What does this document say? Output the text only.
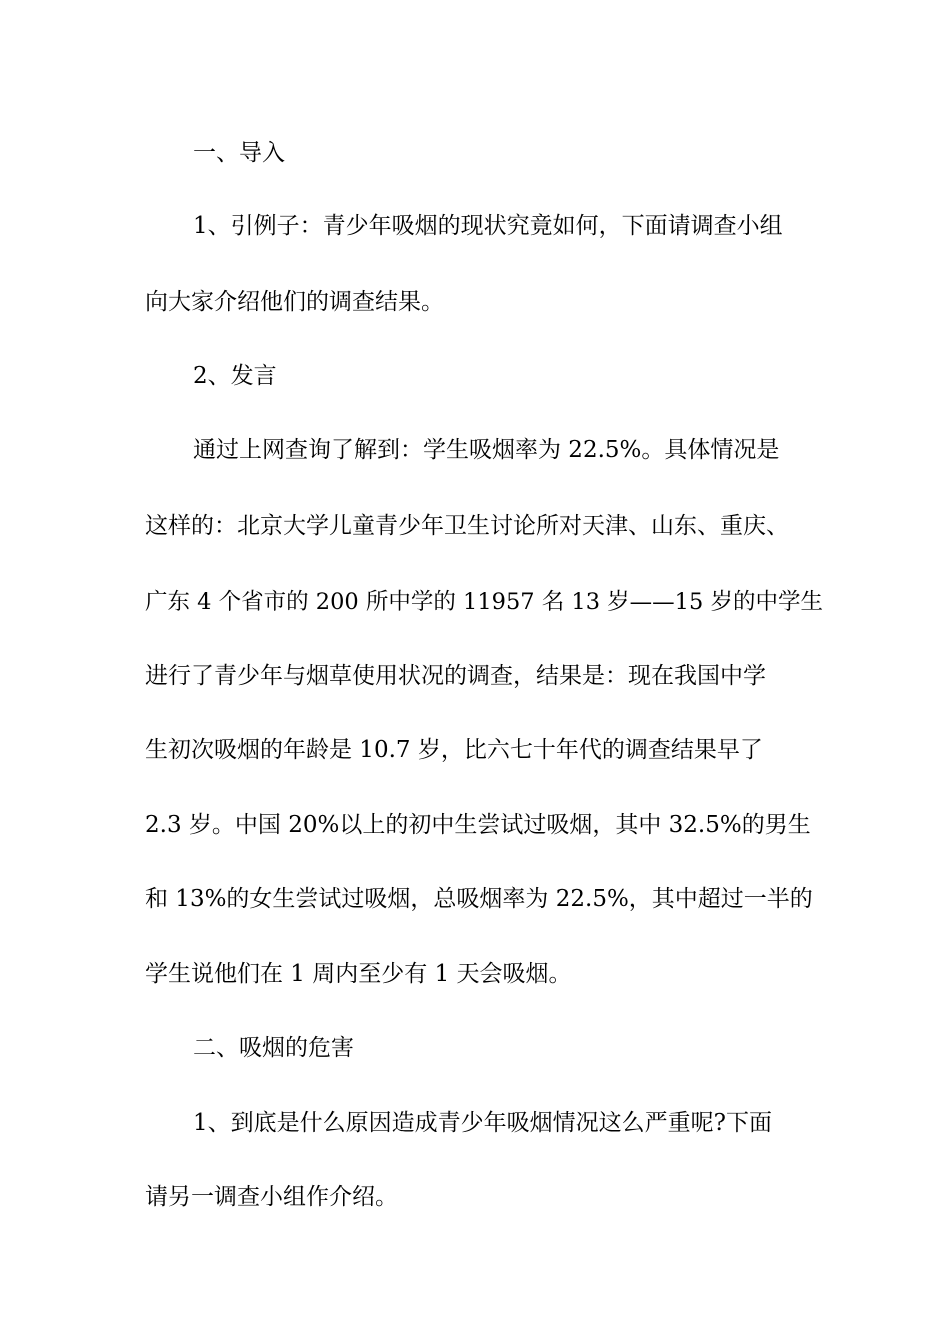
一、导入
1、引例子：青少年吸烟的现状究竟如何，下面请调查小组
向大家介绍他们的调查结果。
2、发言
通过上网查询了解到：学生吸烟率为 22.5%。具体情况是
这样的：北京大学儿童青少年卫生讨论所对天津、山东、重庆、
广东 4 个省市的 200 所中学的 11957 名 13 岁——15 岁的中学生
进行了青少年与烟草使用状况的调查，结果是：现在我国中学
生初次吸烟的年龄是 10.7 岁，比六七十年代的调查结果早了
2.3 岁。中国 20%以上的初中生尝试过吸烟，其中 32.5%的男生
和 13%的女生尝试过吸烟，总吸烟率为 22.5%，其中超过一半的
学生说他们在 1 周内至少有 1 天会吸烟。
二、吸烟的危害
1、到底是什么原因造成青少年吸烟情况这么严重呢?下面
请另一调查小组作介绍。
